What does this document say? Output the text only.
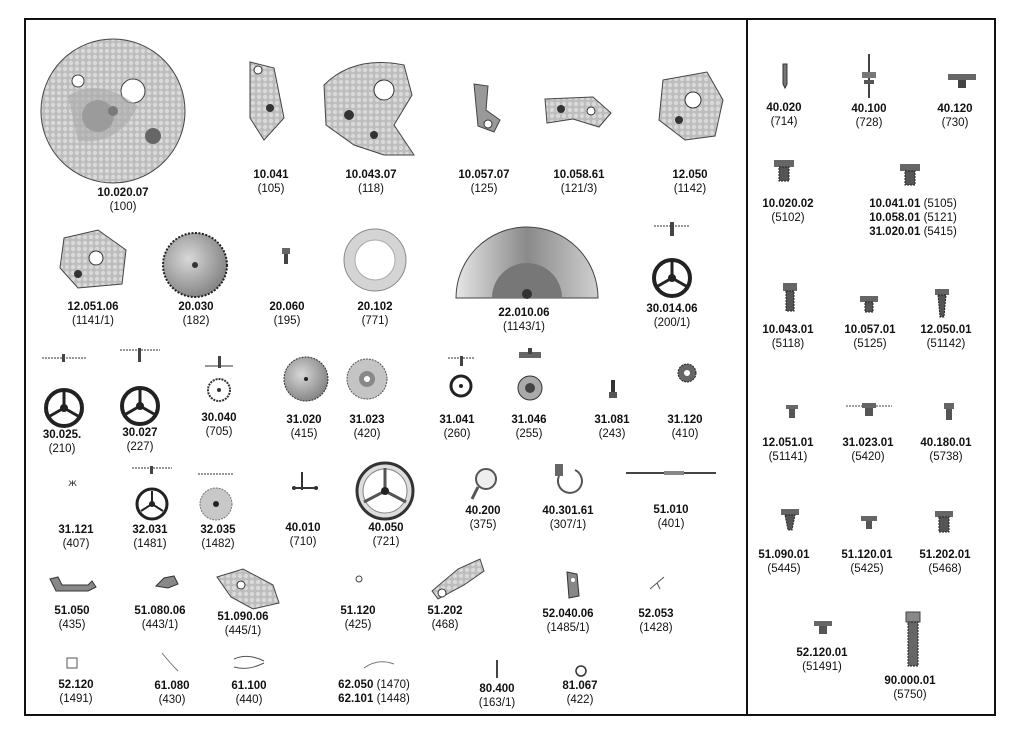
ж
10.020.07
(100)
10.041
(105)
10.043.07
(118)
10.057.07
(125)
10.058.61
(121/3)
12.050
(1142)
12.051.06
(1141/1)
20.030
(182)
20.060
(195)
20.102
(771)
22.010.06
(1143/1)
30.014.06
(200/1)
30.025.
(210)
30.027
(227)
30.040
(705)
31.020
(415)
31.023
(420)
31.041
(260)
31.046
(255)
31.081
(243)
31.120
(410)
31.121
(407)
32.031
(1481)
32.035
(1482)
40.010
(710)
40.050
(721)
40.200
(375)
40.301.61
(307/1)
51.010
(401)
51.050
(435)
51.080.06
(443/1)
51.090.06
(445/1)
51.120
(425)
51.202
(468)
52.040.06
(1485/1)
52.053
(1428)
52.120
(1491)
61.080
(430)
61.100
(440)
62.050 (1470)
62.101 (1448)
80.400
(163/1)
81.067
(422)
40.020
(714)
40.100
(728)
40.120
(730)
10.020.02
(5102)
10.041.01 (5105)
10.058.01 (5121)
31.020.01 (5415)
10.043.01
(5118)
10.057.01
(5125)
12.050.01
(51142)
12.051.01
(51141)
31.023.01
(5420)
40.180.01
(5738)
51.090.01
(5445)
51.120.01
(5425)
51.202.01
(5468)
52.120.01
(51491)
90.000.01
(5750)
